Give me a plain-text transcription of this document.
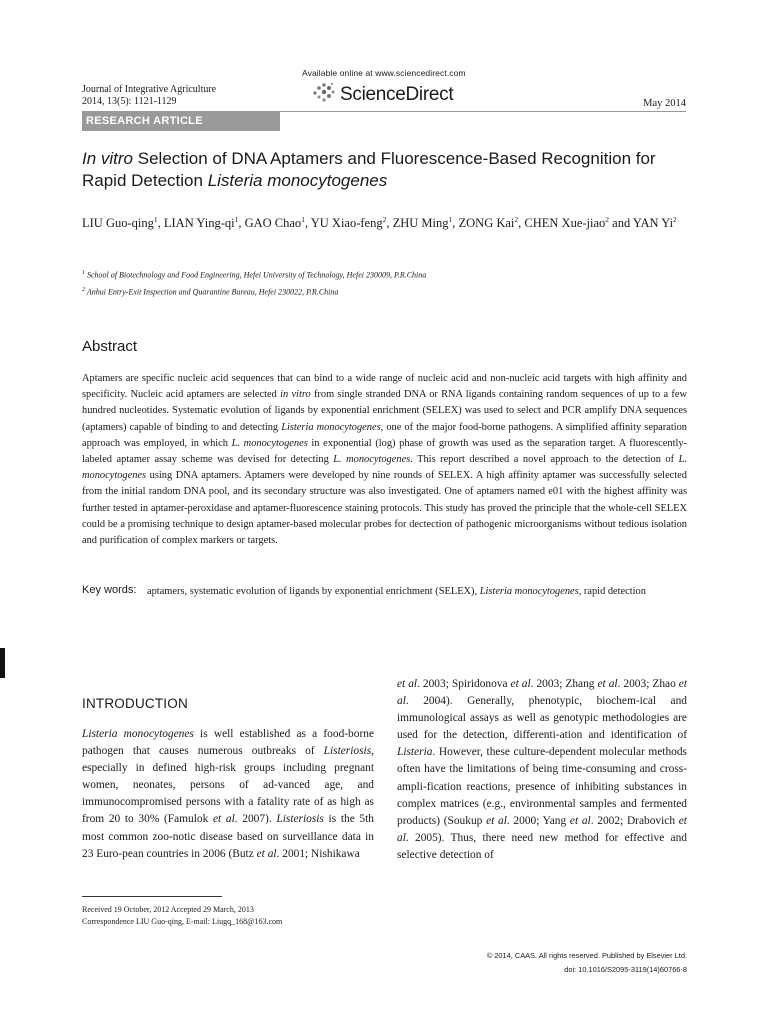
Journal of Integrative Agriculture
2014, 13(5): 1121-1129
Available online at www.sciencedirect.com
ScienceDirect	May 2014
RESEARCH ARTICLE
In vitro Selection of DNA Aptamers and Fluorescence-Based Recognition for Rapid Detection Listeria monocytogenes
LIU Guo-qing$^1$, LIAN Ying-$qi^1$, GAO Chao$^1$, YU Xiao-feng$^2$, ZHU Ming$^1$, ZONG Kai$^2$, CHEN Xue-jiao$^2$ and YAN Yi$^2$
$^1$ School of Biotechnology and Food Engineering, Hefei University of Technology, Hefei 230009, P.R.China
$^2$ Anhui Entry-Exit Inspection and Quarantine Bureau, Hefei 230022, P.R.China
Abstract
Aptamers are specific nucleic acid sequences that can bind to a wide range of nucleic acid and non-nucleic acid targets with high affinity and specificity. Nucleic acid aptamers are selected in vitro from single stranded DNA or RNA ligands containing random sequences of up to a few hundred nucleotides. Systematic evolution of ligands by exponential enrichment (SELEX) was used to select and PCR amplify DNA sequences (aptamers) capable of binding to and detecting Listeria monocytogenes, one of the major food-borne pathogens. A simplified affinity separation approach was employed, in which L. monocytogenes in exponential (log) phase of growth was used as the separation target. A fluorescently-labeled aptamer assay scheme was devised for detecting L. monocytogenes. This report described a novel approach to the detection of L. monocytogenes using DNA aptamers. Aptamers were developed by nine rounds of SELEX. A high affinity aptamer was successfully selected from the initial random DNA pool, and its secondary structure was also investigated. One of aptamers named e01 with the highest affinity was further tested in aptamer-peroxidase and aptamer-fluorescence staining protocols. This study has proved the principle that the whole-cell SELEX could be a promising technique to design aptamer-based molecular probes for dectection of pathogenic microorganisms without tedious isolation and purification of complex markers or targets.
Key words: aptamers, systematic evolution of ligands by exponential enrichment (SELEX), Listeria monocytogenes, rapid detection
INTRODUCTION
Listeria monocytogenes is well established as a food-borne pathogen that causes numerous outbreaks of Listeriosis, especially in defined high-risk groups including pregnant women, neonates, persons of ad-vanced age, and immunocompromised persons with a fatality rate of as high as from 20 to 30% (Famulok et al. 2007). Listeriosis is the 5th most common zoo-notic disease based on surveillance data in 23 Euro-pean countries in 2006 (Butz et al. 2001; Nishikawa
et al. 2003; Spiridonova et al. 2003; Zhang et al. 2003; Zhao et al. 2004). Generally, phenotypic, biochem-ical and immunological assays as well as genotypic methodologies are used for the detection, differenti-ation and identification of Listeria. However, these culture-dependent molecular methods often have the limitations of being time-consuming and cross-ampli-fication reactions, presence of inhibiting substances in complex matrices (e.g., environmental samples and fermented products) (Soukup et al. 2000; Yang et al. 2002; Drabovich et al. 2005). Thus, there need new method for effective and selective detection of
Received 19 October, 2012 Accepted 29 March, 2013
Correspondence LIU Guo-qing, E-mail: Liugq_168@163.com
© 2014, CAAS. All rights reserved. Published by Elsevier Ltd.
doi: 10.1016/S2095-3119(14)60766-8
